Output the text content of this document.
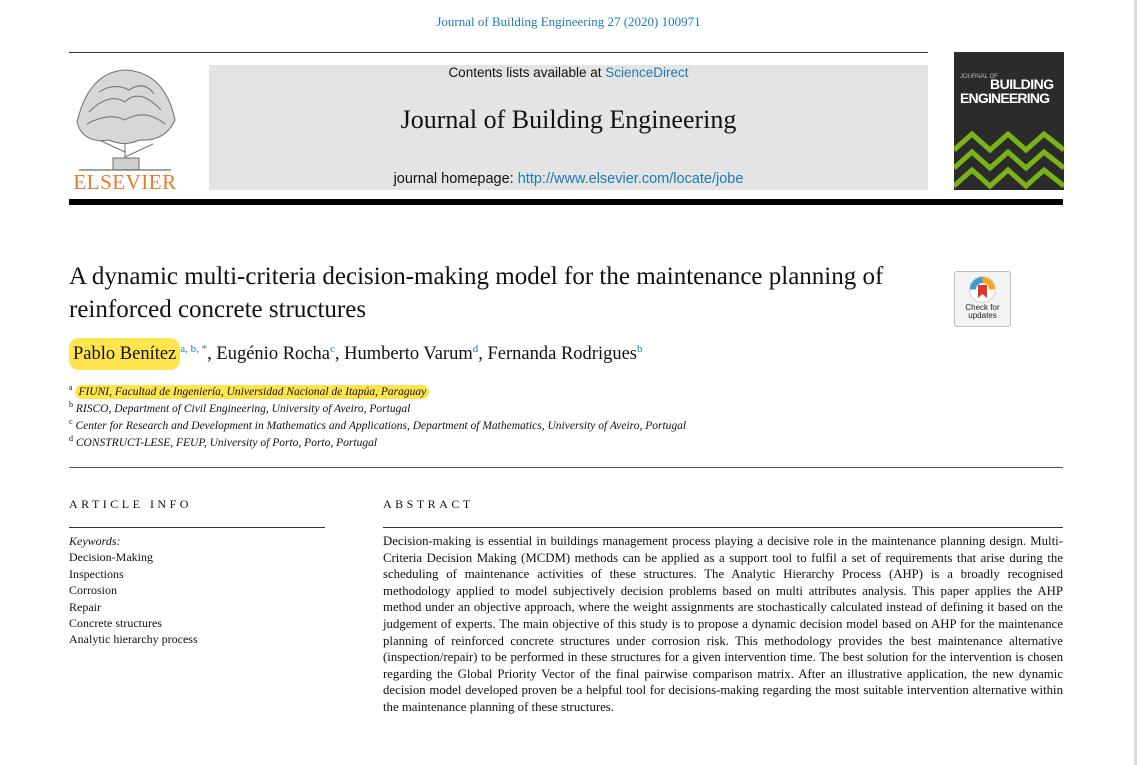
Journal of Building Engineering 27 (2020) 100971
ELSEVIER
Contents lists available at ScienceDirect
Journal of Building Engineering
journal homepage: http://www.elsevier.com/locate/jobe
JOURNAL OF
BUILDING
ENGINEERING
A dynamic multi-criteria decision-making model for the maintenance planning of reinforced concrete structures	Check for
updates
Pablo Benítez $^{a, b, *}$, Eugénio Rocha$^c$, Humberto Varum$^d$, Fernanda Rodrigues$^b$
$^a$ FIUNI, Facultad de Ingeniería, Universidad Nacional de Itapúa, Paraguay
$^b$ RISCO, Department of Civil Engineering, University of Aveiro, Portugal
$^c$ Center for Research and Development in Mathematics and Applications, Department of Mathematics, University of Aveiro, Portugal
$^d$ CONSTRUCT-LESE, FEUP, University of Porto, Porto, Portugal
ARTICLE INFO	ABSTRACT
Keywords:
Decision-Making
Inspections
Corrosion
Repair
Concrete structures
Analytic hierarchy process
Decision-making is essential in buildings management process playing a decisive role in the maintenance planning design. Multi-Criteria Decision Making (MCDM) methods can be applied as a support tool to fulfil a set of requirements that arise during the scheduling of maintenance activities of these structures. The Analytic Hierarchy Process (AHP) is a broadly recognised methodology applied to model subjectively decision problems based on multi attributes analysis. This paper applies the AHP method under an objective approach, where the weight assignments are stochastically calculated instead of defining it based on the judgement of experts. The main objective of this study is to propose a dynamic decision model based on AHP for the maintenance planning of reinforced concrete structures under corrosion risk. This methodology provides the best maintenance alternative (inspection/repair) to be performed in these structures for a given intervention time. The best solution for the intervention is chosen regarding the Global Priority Vector of the final pairwise comparison matrix. After an illustrative application, the new dynamic decision model developed proven be a helpful tool for decisions-making regarding the most suitable intervention alternative within the maintenance planning of these structures.
